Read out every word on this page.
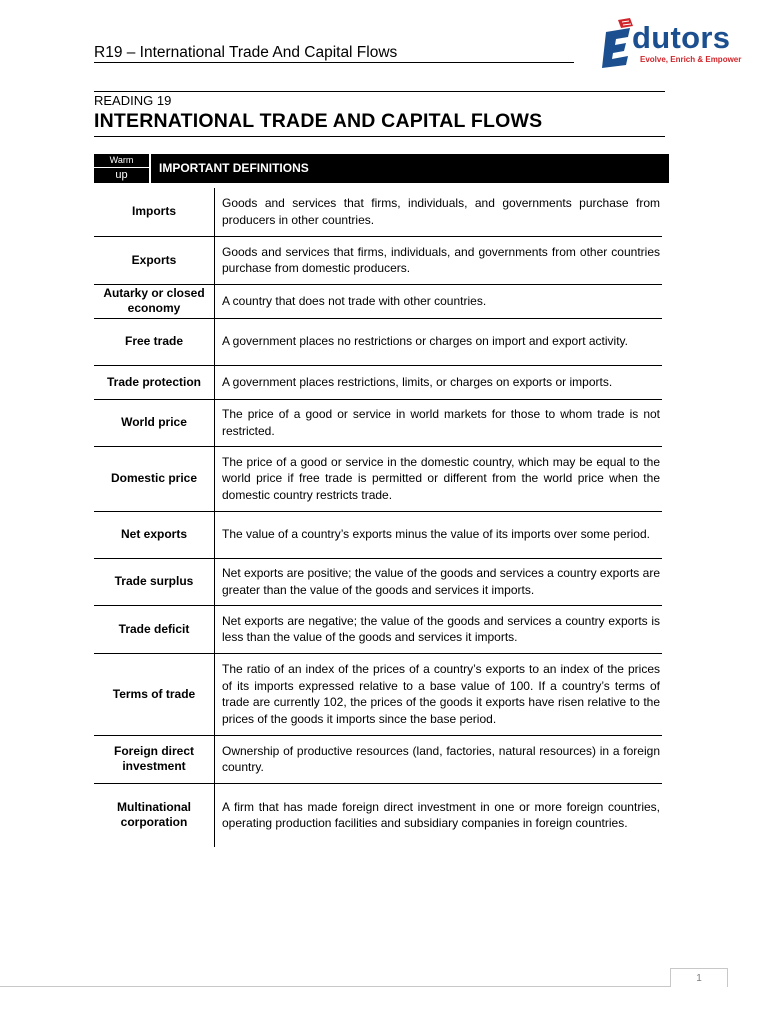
R19 – International Trade And Capital Flows	dutors
Evolve, Enrich & Empower
READING 19
INTERNATIONAL TRADE AND CAPITAL FLOWS
Warm
up	IMPORTANT DEFINITIONS
Imports	Goods and services that firms, individuals, and governments purchase from producers in other countries.
Exports	Goods and services that firms, individuals, and governments from other countries purchase from domestic producers.
Autarky or closed economy	A country that does not trade with other countries.
Free trade	A government places no restrictions or charges on import and export activity.
Trade protection	A government places restrictions, limits, or charges on exports or imports.
World price	The price of a good or service in world markets for those to whom trade is not restricted.
Domestic price	The price of a good or service in the domestic country, which may be equal to the world price if free trade is permitted or different from the world price when the domestic country restricts trade.
Net exports	The value of a country’s exports minus the value of its imports over some period.
Trade surplus	Net exports are positive; the value of the goods and services a country exports are greater than the value of the goods and services it imports.
Trade deficit	Net exports are negative; the value of the goods and services a country exports is less than the value of the goods and services it imports.
Terms of trade	The ratio of an index of the prices of a country’s exports to an index of the prices of its imports expressed relative to a base value of 100. If a country’s terms of trade are currently 102, the prices of the goods it exports have risen relative to the prices of the goods it imports since the base period.
Foreign direct investment	Ownership of productive resources (land, factories, natural resources) in a foreign country.
Multinational corporation	A firm that has made foreign direct investment in one or more foreign countries, operating production facilities and subsidiary companies in foreign countries.
1
